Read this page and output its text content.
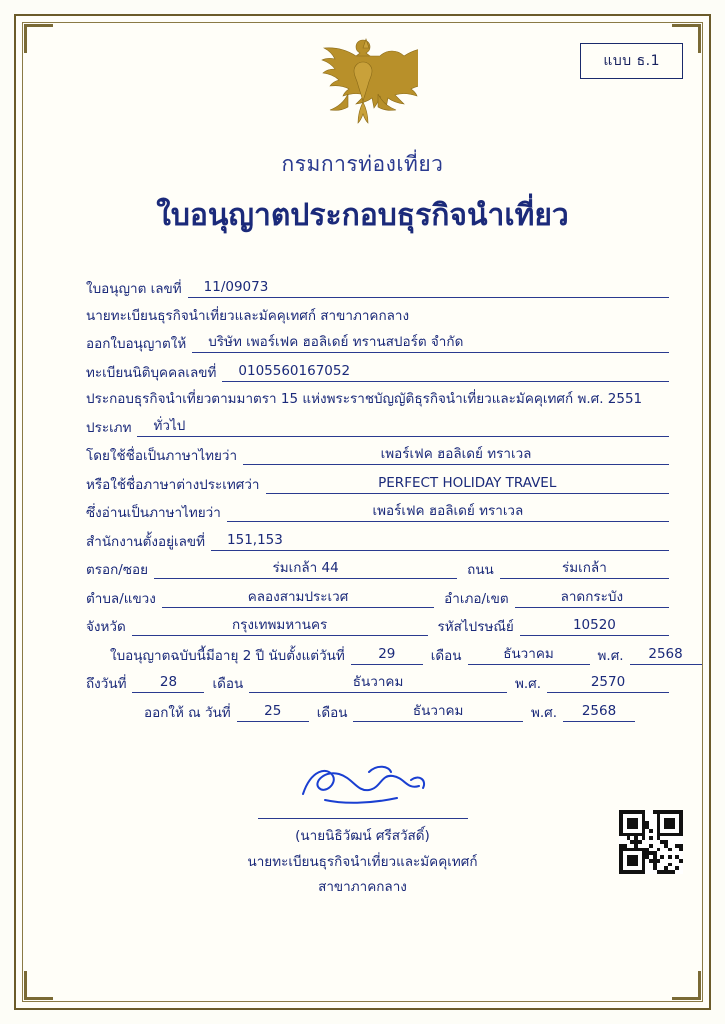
แบบ ธ.1
กรมการท่องเที่ยว
ใบอนุญาตประกอบธุรกิจนำเที่ยว
ใบอนุญาต เลขที่	11/09073
นายทะเบียนธุรกิจนำเที่ยวและมัคคุเทศก์ สาขาภาคกลาง
ออกใบอนุญาตให้	บริษัท เพอร์เฟค ฮอลิเดย์ ทรานสปอร์ต จำกัด
ทะเบียนนิติบุคคลเลขที่	0105560167052
ประกอบธุรกิจนำเที่ยวตามมาตรา 15 แห่งพระราชบัญญัติธุรกิจนำเที่ยวและมัคคุเทศก์ พ.ศ. 2551
ประเภท	ทั่วไป
โดยใช้ชื่อเป็นภาษาไทยว่า	เพอร์เฟค ฮอลิเดย์ ทราเวล
หรือใช้ชื่อภาษาต่างประเทศว่า	PERFECT HOLIDAY TRAVEL
ซึ่งอ่านเป็นภาษาไทยว่า	เพอร์เฟค ฮอลิเดย์ ทราเวล
สำนักงานตั้งอยู่เลขที่	151,153
ตรอก/ซอย	ร่มเกล้า 44	ถนน	ร่มเกล้า
ตำบล/แขวง	คลองสามประเวศ	อำเภอ/เขต	ลาดกระบัง
จังหวัด	กรุงเทพมหานคร	รหัสไปรษณีย์	10520
ใบอนุญาตฉบับนี้มีอายุ 2 ปี นับตั้งแต่วันที่	29	เดือน	ธันวาคม	พ.ศ.	2568
ถึงวันที่	28	เดือน	ธันวาคม	พ.ศ.	2570
ออกให้ ณ วันที่	25	เดือน	ธันวาคม	พ.ศ.	2568
(นายนิธิวัฒน์ ศรีสวัสดิ์)
นายทะเบียนธุรกิจนำเที่ยวและมัคคุเทศก์
สาขาภาคกลาง
